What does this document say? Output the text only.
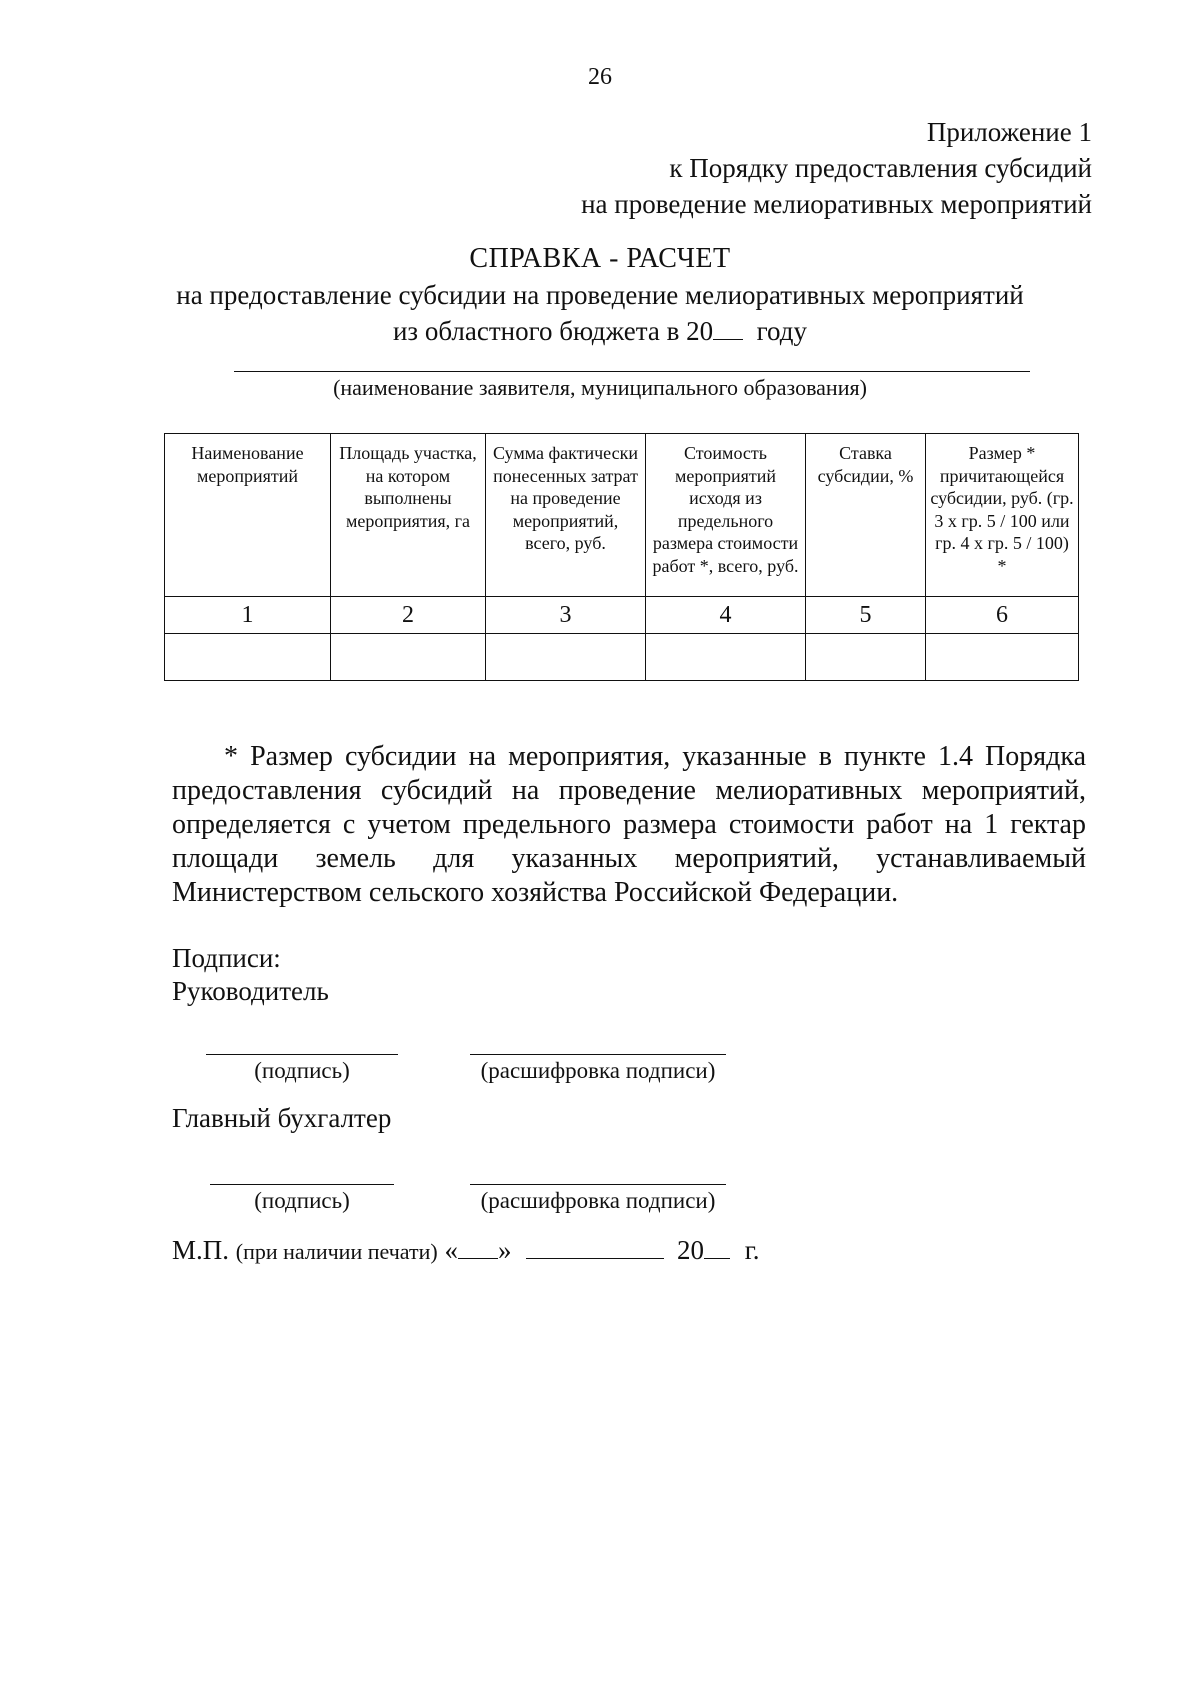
26
Приложение 1
к Порядку предоставления субсидий
на проведение мелиоративных мероприятий
СПРАВКА - РАСЧЕТ
на предоставление субсидии на проведение мелиоративных мероприятий
из областного бюджета в 20 году
(наименование заявителя, муниципального образования)
Наименование мероприятий	Площадь участка, на котором выполнены мероприятия, га	Сумма фактически понесенных затрат на проведение мероприятий, всего, руб.	Стоимость мероприятий исходя из предельного размера стоимости работ *, всего, руб.	Ставка субсидии, %	Размер * причитающейся субсидии, руб. (гр. 3 х гр. 5 / 100 или гр. 4 х гр. 5 / 100) *
1	2	3	4	5	6

* Размер субсидии на мероприятия, указанные в пункте 1.4 Порядка предоставления субсидий на проведение мелиоративных мероприятий, определяется с учетом предельного размера стоимости работ на 1 гектар площади земель для указанных мероприятий, устанавливаемый Министерством сельского хозяйства Российской Федерации.

Подписи:
Руководитель
(подпись)	(расшифровка подписи)
Главный бухгалтер
(подпись)	(расшифровка подписи)
М.П. (при наличии печати) « »	20 г.
